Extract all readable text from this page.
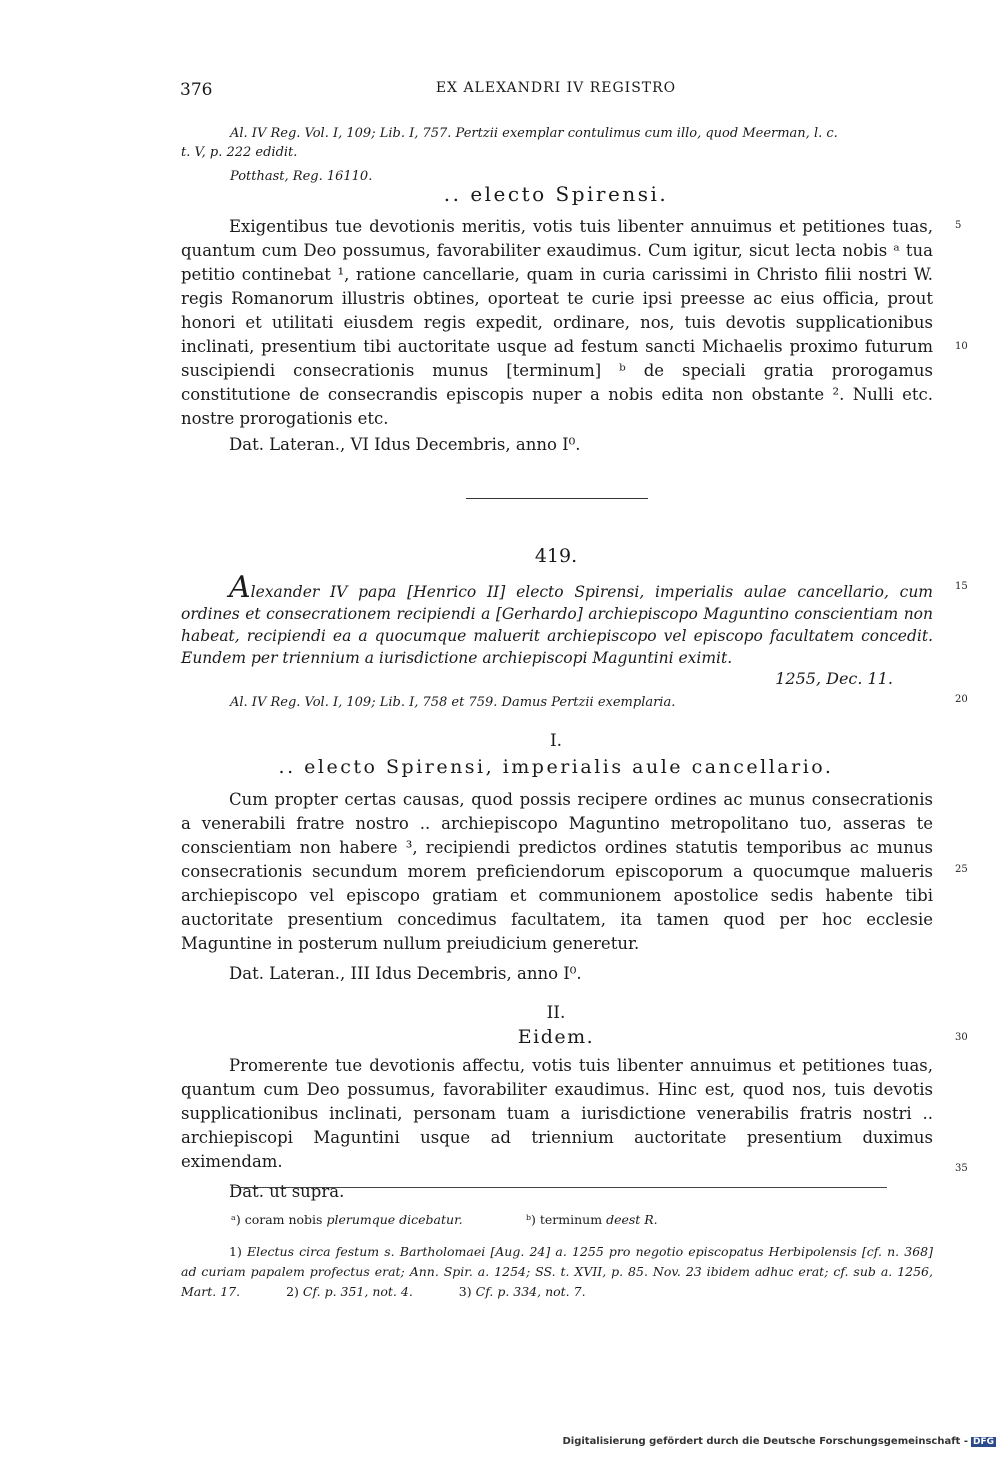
376	EX ALEXANDRI IV REGISTRO
Al. IV Reg. Vol. I, 109; Lib. I, 757. Pertzii exemplar contulimus cum illo, quod Meerman, l. c.
t. V, p. 222 edidit.
Potthast, Reg. 16110.
.. electo Spirensi.

Exigentibus tue devotionis meritis, votis tuis libenter annuimus et petitiones tuas, quantum cum Deo possumus, favorabiliter exaudimus. Cum igitur, sicut lecta nobis ᵃ tua petitio continebat ¹, ratione cancellarie, quam in curia carissimi in Christo filii nostri W. regis Romanorum illustris obtines, oporteat te curie ipsi preesse ac eius officia, prout honori et utilitati eiusdem regis expedit, ordinare, nos, tuis devotis supplicationibus inclinati, presentium tibi auctoritate usque ad festum sancti Michaelis proximo futurum suscipiendi consecrationis munus [terminum] ᵇ de speciali gratia prorogamus constitutione de consecrandis episcopis nuper a nobis edita non obstante ². Nulli etc. nostre prorogationis etc.

Dat. Lateran., VI Idus Decembris, anno I⁰.

419.
Alexander IV papa [Henrico II] electo Spirensi, imperialis aulae cancellario, cum ordines et consecrationem recipiendi a [Gerhardo] archiepiscopo Maguntino conscientiam non habeat, recipiendi ea a quocumque maluerit archiepiscopo vel episcopo facultatem concedit. Eundem per triennium a iurisdictione archiepiscopi Maguntini eximit.
1255, Dec. 11.
Al. IV Reg. Vol. I, 109; Lib. I, 758 et 759. Damus Pertzii exemplaria.
I.
.. electo Spirensi, imperialis aule cancellario.

Cum propter certas causas, quod possis recipere ordines ac munus consecrationis a venerabili fratre nostro .. archiepiscopo Maguntino metropolitano tuo, asseras te conscientiam non habere ³, recipiendi predictos ordines statutis temporibus ac munus consecrationis secundum morem preficiendorum episcoporum a quocumque malueris archiepiscopo vel episcopo gratiam et communionem apostolice sedis habente tibi auctoritate presentium concedimus facultatem, ita tamen quod per hoc ecclesie Maguntine in posterum nullum preiudicium generetur.

Dat. Lateran., III Idus Decembris, anno I⁰.

II.
Eidem.

Promerente tue devotionis affectu, votis tuis libenter annuimus et petitiones tuas, quantum cum Deo possumus, favorabiliter exaudimus. Hinc est, quod nos, tuis devotis supplicationibus inclinati, personam tuam a iurisdictione venerabilis fratris nostri .. archiepiscopi Maguntini usque ad triennium auctoritate presentium duximus eximendam.

Dat. ut supra.

5
10
15
20
25
30
35
ᵃ) coram nobis plerumque dicebatur.	ᵇ) terminum deest R.
1) Electus circa festum s. Bartholomaei [Aug. 24] a. 1255 pro negotio episcopatus Herbipolensis [cf. n. 368] ad curiam papalem profectus erat; Ann. Spir. a. 1254; SS. t. XVII, p. 85. Nov. 23 ibidem adhuc erat; cf. sub a. 1256, Mart. 17.	2) Cf. p. 351, not. 4.	3) Cf. p. 334, not. 7.
Digitalisierung gefördert durch die Deutsche Forschungsgemeinschaft - DFG
